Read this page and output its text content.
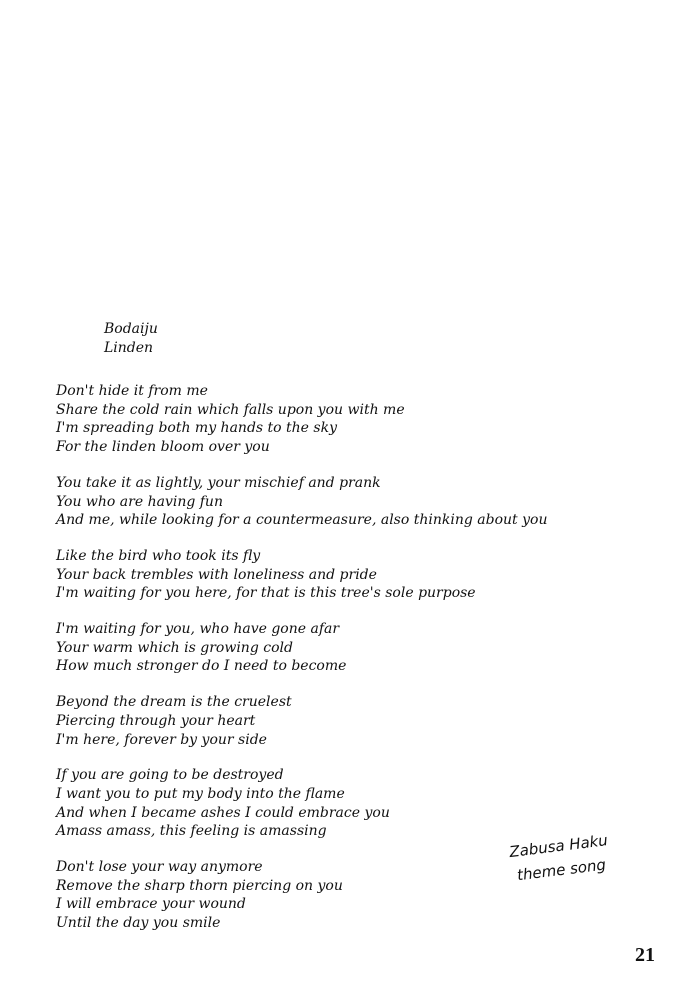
Bodaiju
Linden
Don't hide it from me
Share the cold rain which falls upon you with me
I'm spreading both my hands to the sky
For the linden bloom over you
You take it as lightly, your mischief and prank
You who are having fun
And me, while looking for a countermeasure, also thinking about you
Like the bird who took its fly
Your back trembles with loneliness and pride
I'm waiting for you here, for that is this tree's sole purpose
I'm waiting for you, who have gone afar
Your warm which is growing cold
How much stronger do I need to become
Beyond the dream is the cruelest
Piercing through your heart
I'm here, forever by your side
If you are going to be destroyed
I want you to put my body into the flame
And when I became ashes I could embrace you
Amass amass, this feeling is amassing
Don't lose your way anymore
Remove the sharp thorn piercing on you
I will embrace your wound
Until the day you smile
Zabusa Haku
theme song
21
